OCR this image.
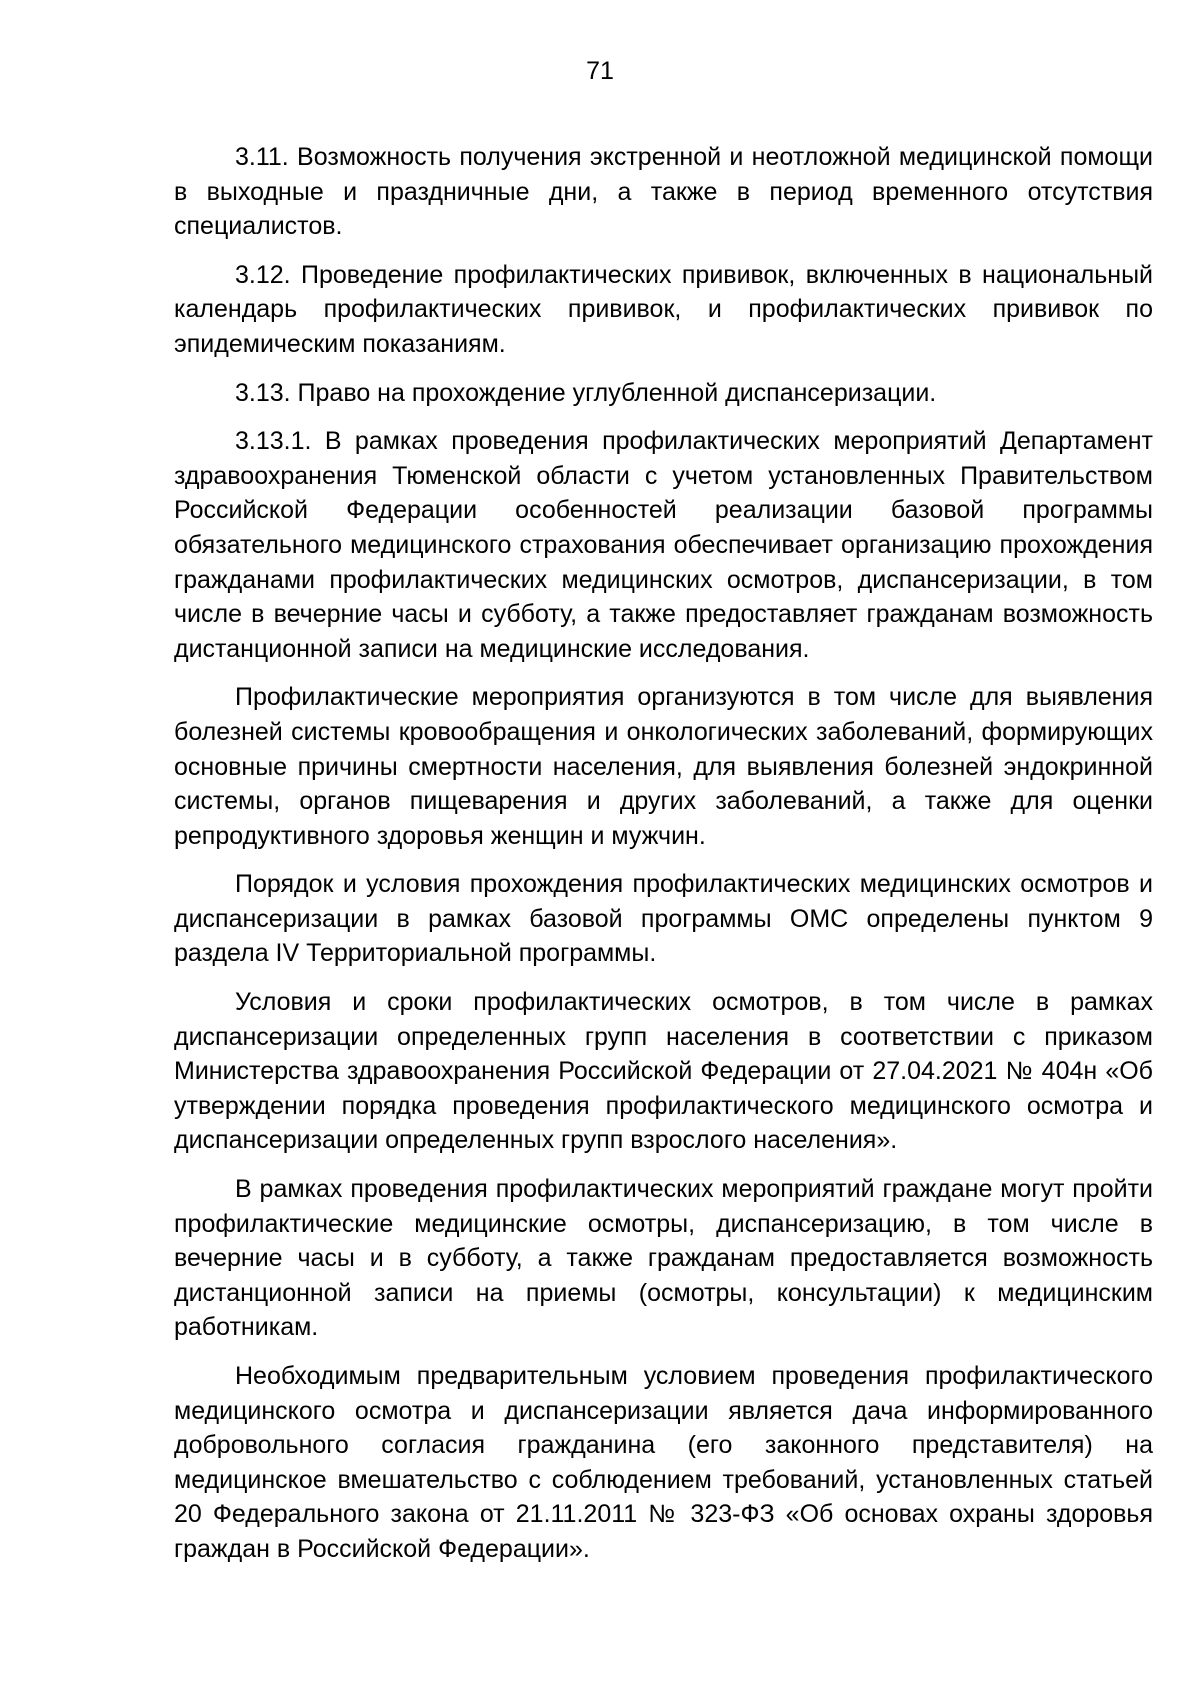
71

3.11. Возможность получения экстренной и неотложной медицинской помощи в выходные и праздничные дни, а также в период временного отсутствия специалистов.

3.12. Проведение профилактических прививок, включенных в национальный календарь профилактических прививок, и профилактических прививок по эпидемическим показаниям.

3.13. Право на прохождение углубленной диспансеризации.

3.13.1. В рамках проведения профилактических мероприятий Департамент здравоохранения Тюменской области с учетом установленных Правительством Российской Федерации особенностей реализации базовой программы обязательного медицинского страхования обеспечивает организацию прохождения гражданами профилактических медицинских осмотров, диспансеризации, в том числе в вечерние часы и субботу, а также предоставляет гражданам возможность дистанционной записи на медицинские исследования.

Профилактические мероприятия организуются в том числе для выявления болезней системы кровообращения и онкологических заболеваний, формирующих основные причины смертности населения, для выявления болезней эндокринной системы, органов пищеварения и других заболеваний, а также для оценки репродуктивного здоровья женщин и мужчин.

Порядок и условия прохождения профилактических медицинских осмотров и диспансеризации в рамках базовой программы ОМС определены пунктом 9 раздела IV Территориальной программы.

Условия и сроки профилактических осмотров, в том числе в рамках диспансеризации определенных групп населения в соответствии с приказом Министерства здравоохранения Российской Федерации от 27.04.2021 № 404н «Об утверждении порядка проведения профилактического медицинского осмотра и диспансеризации определенных групп взрослого населения».

В рамках проведения профилактических мероприятий граждане могут пройти профилактические медицинские осмотры, диспансеризацию, в том числе в вечерние часы и в субботу, а также гражданам предоставляется возможность дистанционной записи на приемы (осмотры, консультации) к медицинским работникам.

Необходимым предварительным условием проведения профилактического медицинского осмотра и диспансеризации является дача информированного добровольного согласия гражданина (его законного представителя) на медицинское вмешательство с соблюдением требований, установленных статьей 20 Федерального закона от 21.11.2011 № 323-ФЗ «Об основах охраны здоровья граждан в Российской Федерации».
